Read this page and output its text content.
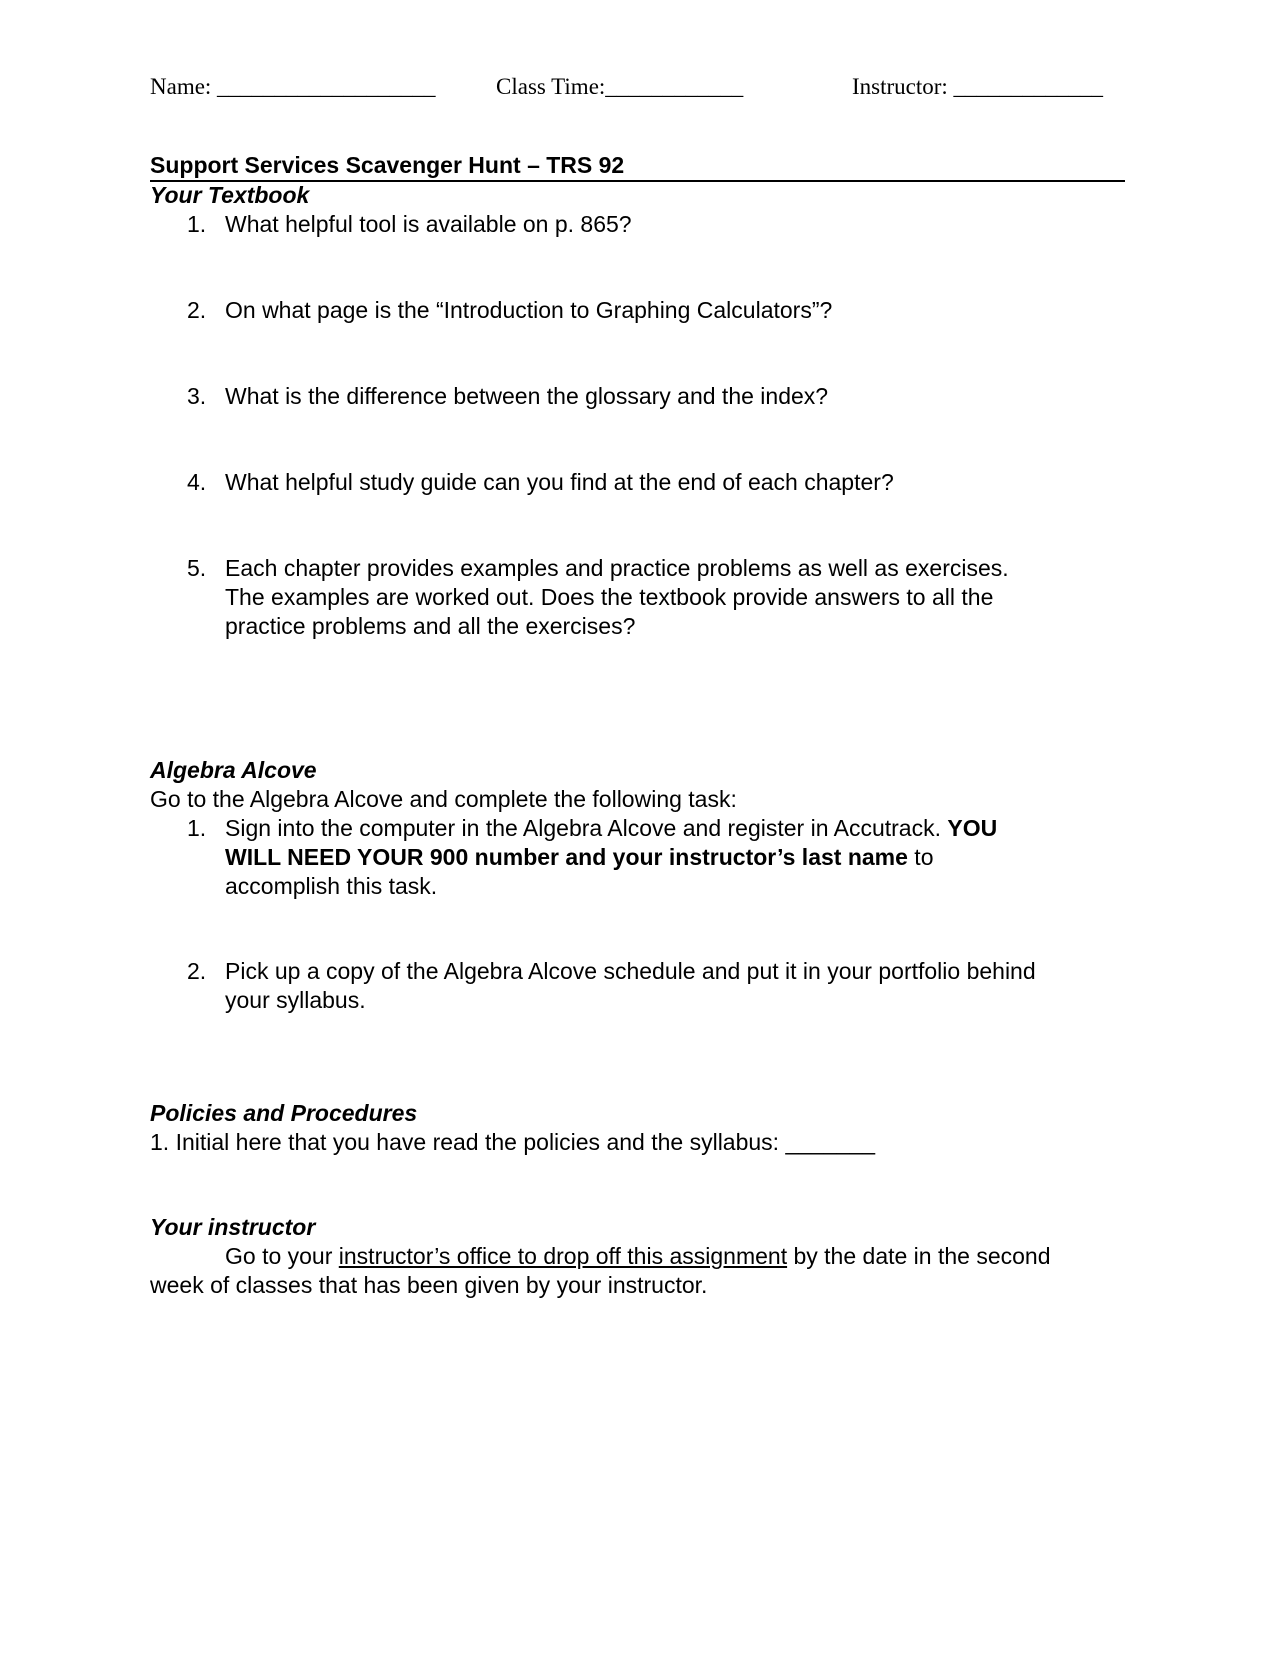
Name: ___________________	Class Time:____________	Instructor: _____________
Support Services Scavenger Hunt – TRS 92
Your Textbook
1. What helpful tool is available on p. 865?
2. On what page is the “Introduction to Graphing Calculators”?
3. What is the difference between the glossary and the index?
4. What helpful study guide can you find at the end of each chapter?
5. Each chapter provides examples and practice problems as well as exercises.
The examples are worked out. Does the textbook provide answers to all the
practice problems and all the exercises?
Algebra Alcove
Go to the Algebra Alcove and complete the following task:
1. Sign into the computer in the Algebra Alcove and register in Accutrack. YOU
WILL NEED YOUR 900 number and your instructor’s last name to
accomplish this task.
2. Pick up a copy of the Algebra Alcove schedule and put it in your portfolio behind
your syllabus.
Policies and Procedures
1. Initial here that you have read the policies and the syllabus: _______
Your instructor
Go to your instructor’s office to drop off this assignment by the date in the second
week of classes that has been given by your instructor.
